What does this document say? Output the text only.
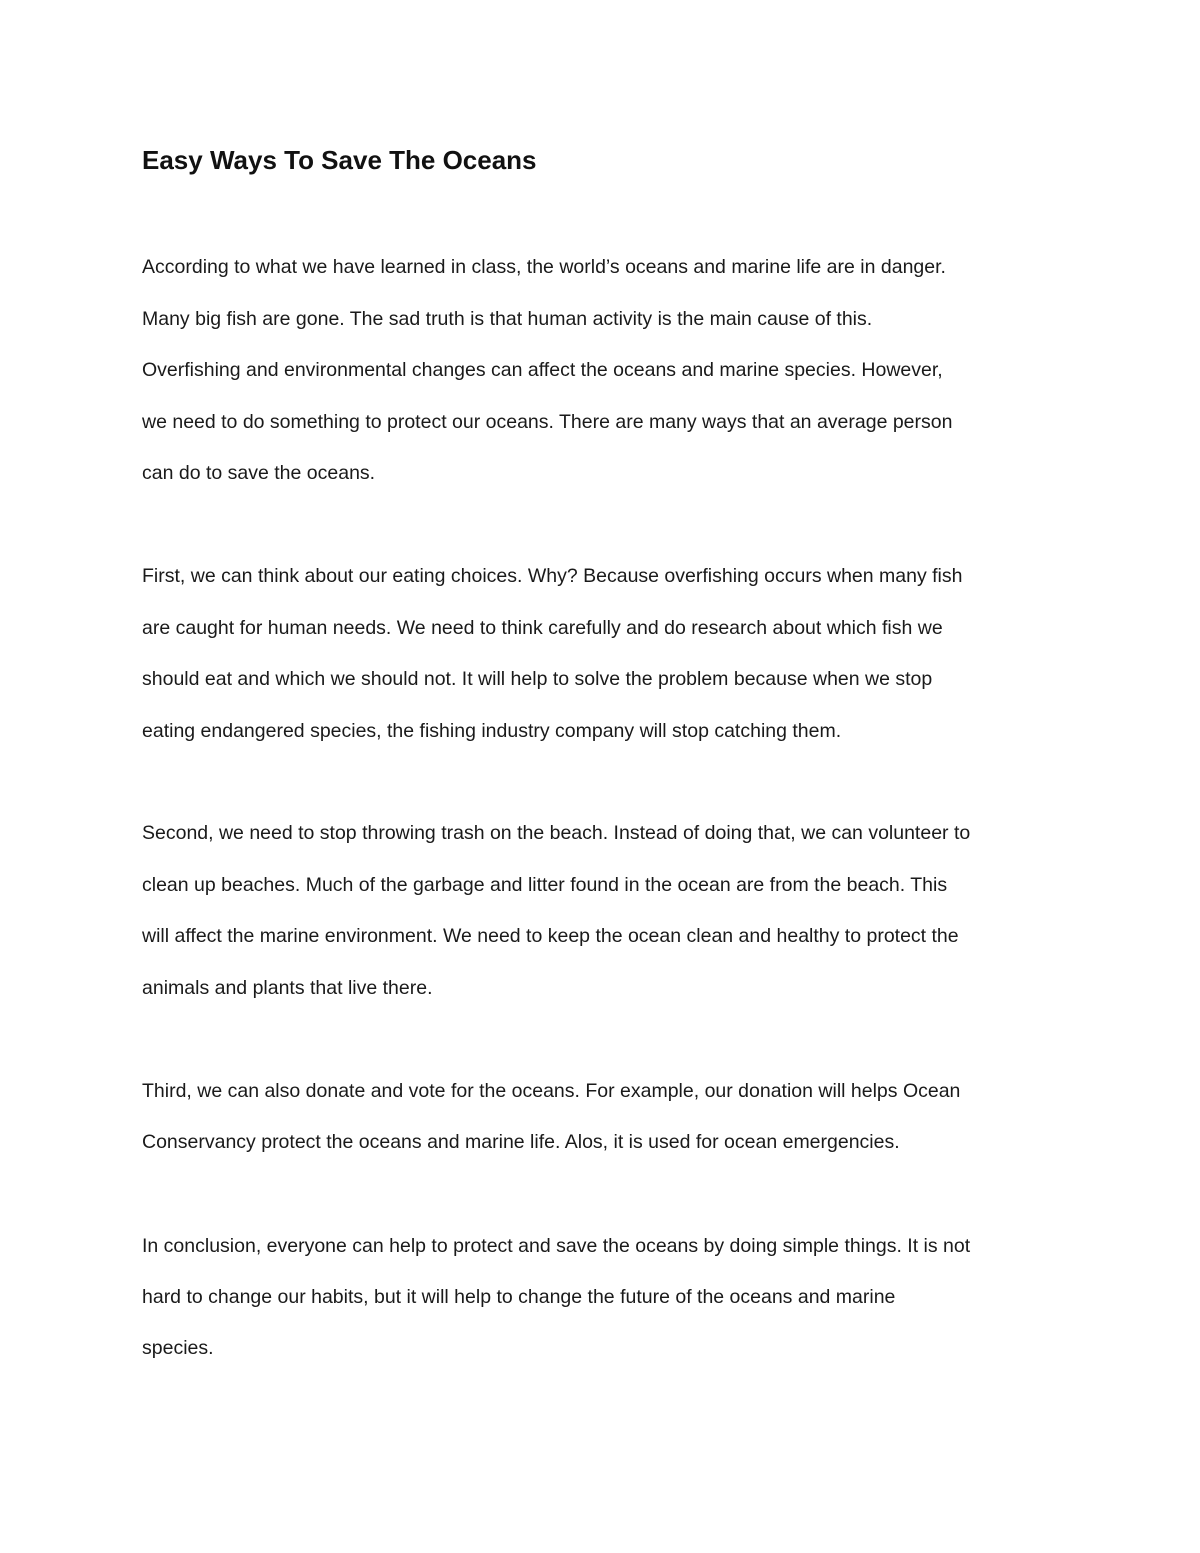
Easy Ways To Save The Oceans

According to what we have learned in class, the world’s oceans and marine life are in danger.

Many big fish are gone. The sad truth is that human activity is the main cause of this.

Overfishing and environmental changes can affect the oceans and marine species. However,

we need to do something to protect our oceans. There are many ways that an average person

can do to save the oceans.

First, we can think about our eating choices. Why? Because overfishing occurs when many fish

are caught for human needs. We need to think carefully and do research about which fish we

should eat and which we should not. It will help to solve the problem because when we stop

eating endangered species, the fishing industry company will stop catching them.

Second, we need to stop throwing trash on the beach. Instead of doing that, we can volunteer to

clean up beaches. Much of the garbage and litter found in the ocean are from the beach. This

will affect the marine environment. We need to keep the ocean clean and healthy to protect the

animals and plants that live there.

Third, we can also donate and vote for the oceans. For example, our donation will helps Ocean

Conservancy protect the oceans and marine life. Alos, it is used for ocean emergencies.

In conclusion, everyone can help to protect and save the oceans by doing simple things. It is not

hard to change our habits, but it will help to change the future of the oceans and marine

species.
